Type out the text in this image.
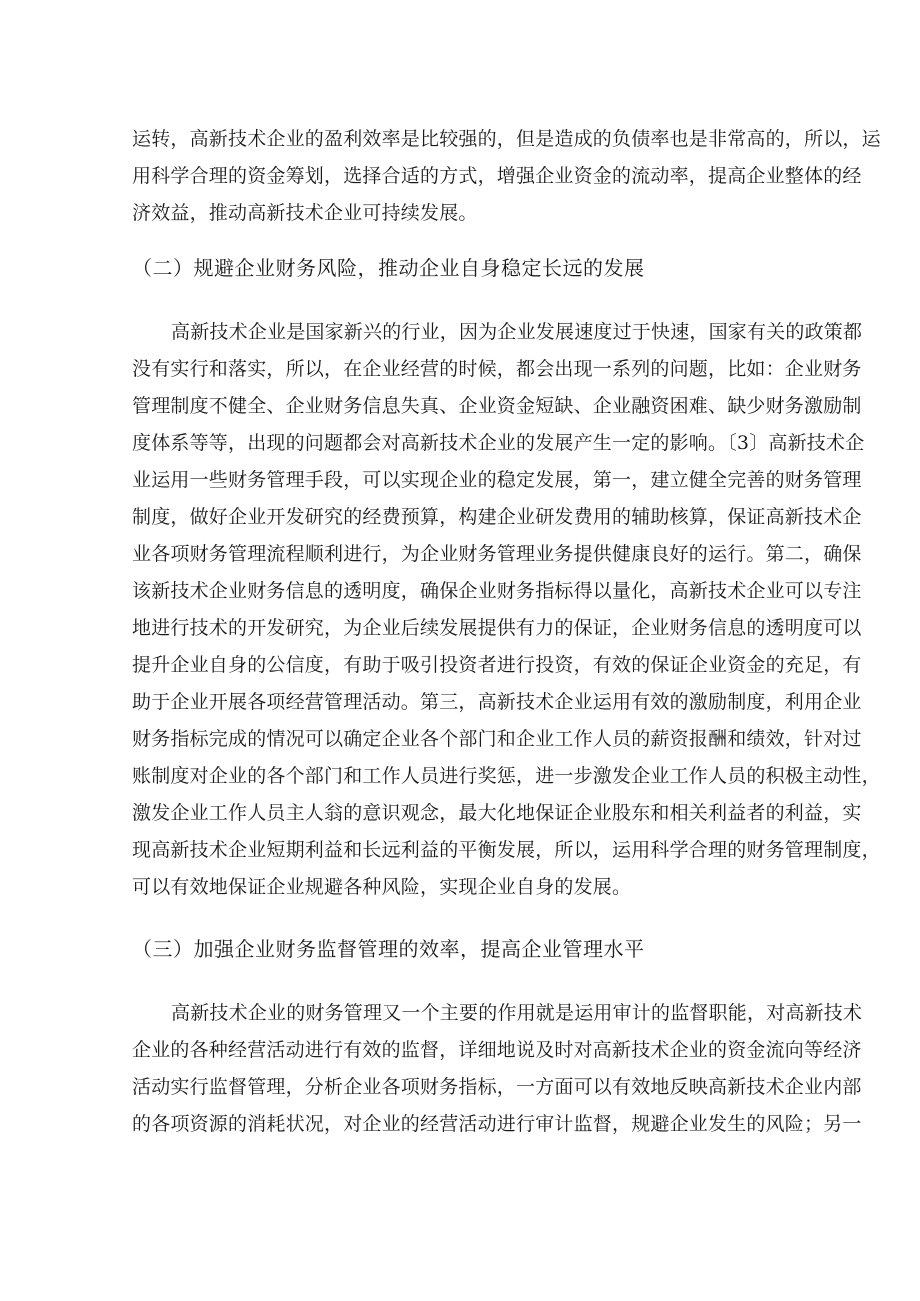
运转，高新技术企业的盈利效率是比较强的，但是造成的负债率也是非常高的，所以，运
用科学合理的资金筹划，选择合适的方式，增强企业资金的流动率，提高企业整体的经
济效益，推动高新技术企业可持续发展。
（二）规避企业财务风险，推动企业自身稳定长远的发展
高新技术企业是国家新兴的行业，因为企业发展速度过于快速，国家有关的政策都
没有实行和落实，所以，在企业经营的时候，都会出现一系列的问题，比如：企业财务
管理制度不健全、企业财务信息失真、企业资金短缺、企业融资困难、缺少财务激励制
度体系等等，出现的问题都会对高新技术企业的发展产生一定的影响。〔3〕高新技术企
业运用一些财务管理手段，可以实现企业的稳定发展，第一，建立健全完善的财务管理
制度，做好企业开发研究的经费预算，构建企业研发费用的辅助核算，保证高新技术企
业各项财务管理流程顺利进行，为企业财务管理业务提供健康良好的运行。第二，确保
该新技术企业财务信息的透明度，确保企业财务指标得以量化，高新技术企业可以专注
地进行技术的开发研究，为企业后续发展提供有力的保证，企业财务信息的透明度可以
提升企业自身的公信度，有助于吸引投资者进行投资，有效的保证企业资金的充足，有
助于企业开展各项经营管理活动。第三，高新技术企业运用有效的激励制度，利用企业
财务指标完成的情况可以确定企业各个部门和企业工作人员的薪资报酬和绩效，针对过
账制度对企业的各个部门和工作人员进行奖惩，进一步激发企业工作人员的积极主动性，
激发企业工作人员主人翁的意识观念，最大化地保证企业股东和相关利益者的利益，实
现高新技术企业短期利益和长远利益的平衡发展，所以，运用科学合理的财务管理制度，
可以有效地保证企业规避各种风险，实现企业自身的发展。
（三）加强企业财务监督管理的效率，提高企业管理水平
高新技术企业的财务管理又一个主要的作用就是运用审计的监督职能，对高新技术
企业的各种经营活动进行有效的监督，详细地说及时对高新技术企业的资金流向等经济
活动实行监督管理，分析企业各项财务指标，一方面可以有效地反映高新技术企业内部
的各项资源的消耗状况，对企业的经营活动进行审计监督，规避企业发生的风险；另一
